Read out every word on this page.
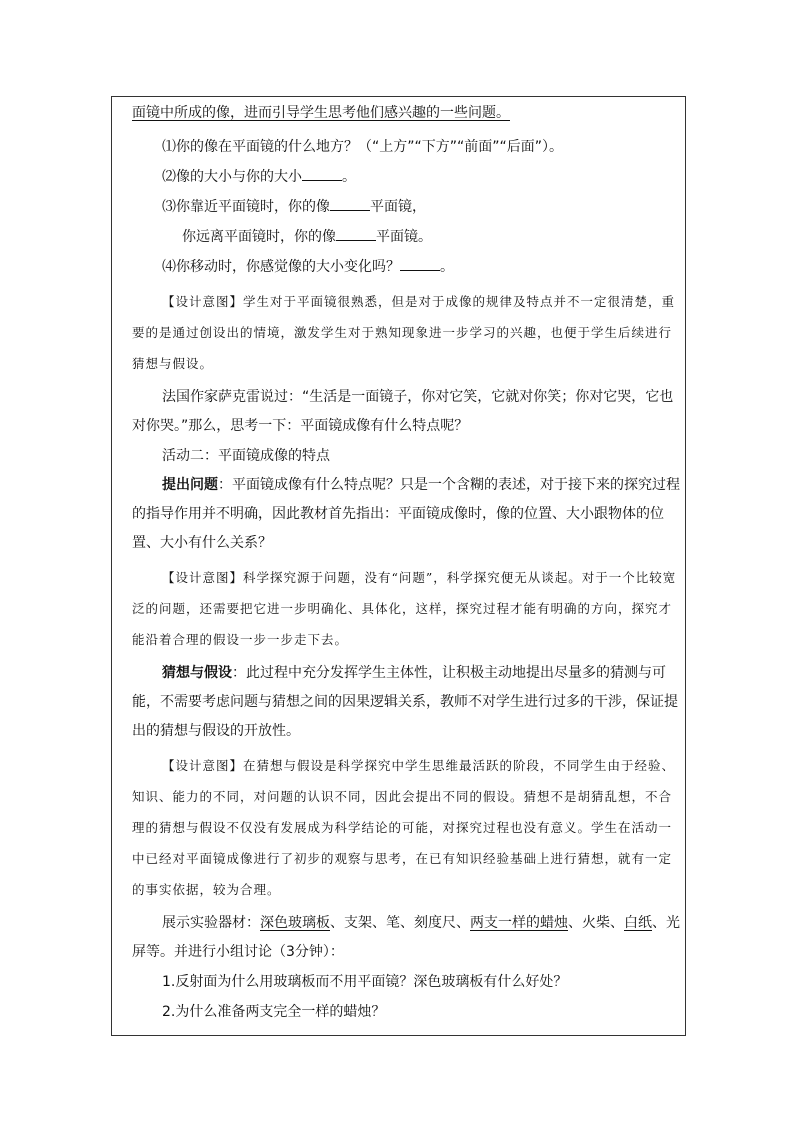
面镜中所成的像，进而引导学生思考他们感兴趣的一些问题。

⑴你的像在平面镜的什么地方？（“上方”“下方”“前面”“后面”）。

⑵像的大小与你的大小	。

⑶你靠近平面镜时，你的像	平面镜，

你远离平面镜时，你的像	平面镜。

⑷你移动时，你感觉像的大小变化吗？	。

【设计意图】学生对于平面镜很熟悉，但是对于成像的规律及特点并不一定很清楚，重要的是通过创设出的情境，激发学生对于熟知现象进一步学习的兴趣，也便于学生后续进行猜想与假设。

法国作家萨克雷说过：“生活是一面镜子，你对它笑，它就对你笑；你对它哭，它也对你哭。”那么，思考一下：平面镜成像有什么特点呢？

活动二：平面镜成像的特点

提出问题：平面镜成像有什么特点呢？只是一个含糊的表述，对于接下来的探究过程的指导作用并不明确，因此教材首先指出：平面镜成像时，像的位置、大小跟物体的位置、大小有什么关系？

【设计意图】科学探究源于问题，没有“问题”，科学探究便无从谈起。对于一个比较宽泛的问题，还需要把它进一步明确化、具体化，这样，探究过程才能有明确的方向，探究才能沿着合理的假设一步一步走下去。

猜想与假设：此过程中充分发挥学生主体性，让积极主动地提出尽量多的猜测与可能，不需要考虑问题与猜想之间的因果逻辑关系，教师不对学生进行过多的干涉，保证提出的猜想与假设的开放性。

【设计意图】在猜想与假设是科学探究中学生思维最活跃的阶段，不同学生由于经验、知识、能力的不同，对问题的认识不同，因此会提出不同的假设。猜想不是胡猜乱想，不合理的猜想与假设不仅没有发展成为科学结论的可能，对探究过程也没有意义。学生在活动一中已经对平面镜成像进行了初步的观察与思考，在已有知识经验基础上进行猜想，就有一定的事实依据，较为合理。

展示实验器材：深色玻璃板、支架、笔、刻度尺、两支一样的蜡烛、火柴、白纸、光屏等。并进行小组讨论（3分钟）：

1.反射面为什么用玻璃板而不用平面镜？深色玻璃板有什么好处？

2.为什么准备两支完全一样的蜡烛？
